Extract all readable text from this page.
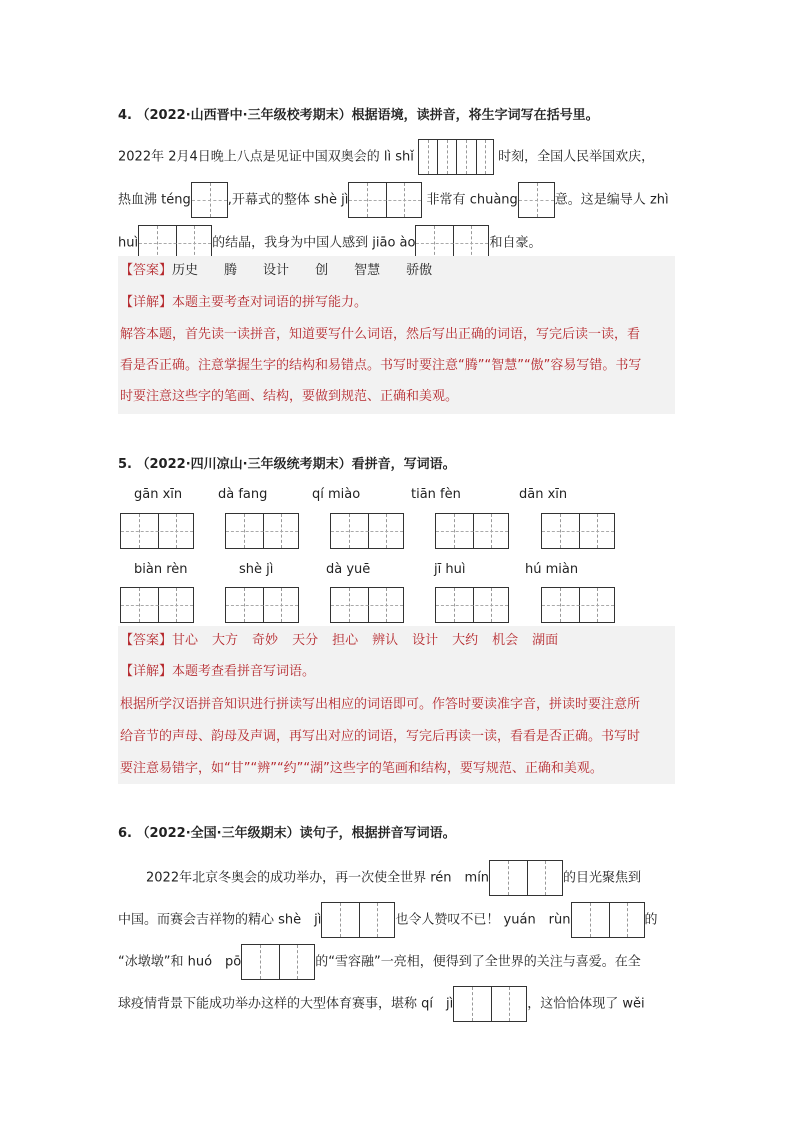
4. （2022·山西晋中·三年级校考期末）根据语境，读拼音，将生字词写在括号里。
2022年 2月4日晚上八点是见证中国双奥会的 lì shǐ	时刻，全国人民举国欢庆，
热血沸 téng	,开幕式的整体 shè jì	非常有 chuàng	意。这是编导人 zhì
huì	的结晶，我身为中国人感到 jiāo ào	和自豪。
【答案】历史 腾 设计 创 智慧 骄傲
【详解】本题主要考查对词语的拼写能力。
解答本题，首先读一读拼音，知道要写什么词语，然后写出正确的词语，写完后读一读，看
看是否正确。注意掌握生字的结构和易错点。书写时要注意“腾”“智慧”“傲”容易写错。书写
时要注意这些字的笔画、结构，要做到规范、正确和美观。
5. （2022·四川凉山·三年级统考期末）看拼音，写词语。
gān xīn	dà fang	qí miào	tiān fèn	dān xīn

biàn rèn	shè jì	dà yuē	jī huì	hú miàn

【答案】甘心 大方 奇妙 天分 担心 辨认 设计 大约 机会 湖面
【详解】本题考查看拼音写词语。
根据所学汉语拼音知识进行拼读写出相应的词语即可。作答时要读准字音，拼读时要注意所
给音节的声母、韵母及声调，再写出对应的词语，写完后再读一读，看看是否正确。书写时
要注意易错字，如“甘”“辨”“约”“湖”这些字的笔画和结构，要写规范、正确和美观。
6. （2022·全国·三年级期末）读句子，根据拼音写词语。
2022年北京冬奥会的成功举办，再一次使全世界 rén　mín	的目光聚焦到
中国。而赛会吉祥物的精心 shè　jì	也令人赞叹不已！ yuán　rùn	的
“冰墩墩”和 huó　pō	的“雪容融”一亮相，便得到了全世界的关注与喜爱。在全
球疫情背景下能成功举办这样的大型体育赛事，堪称 qí　jì	，这恰恰体现了 wěi
